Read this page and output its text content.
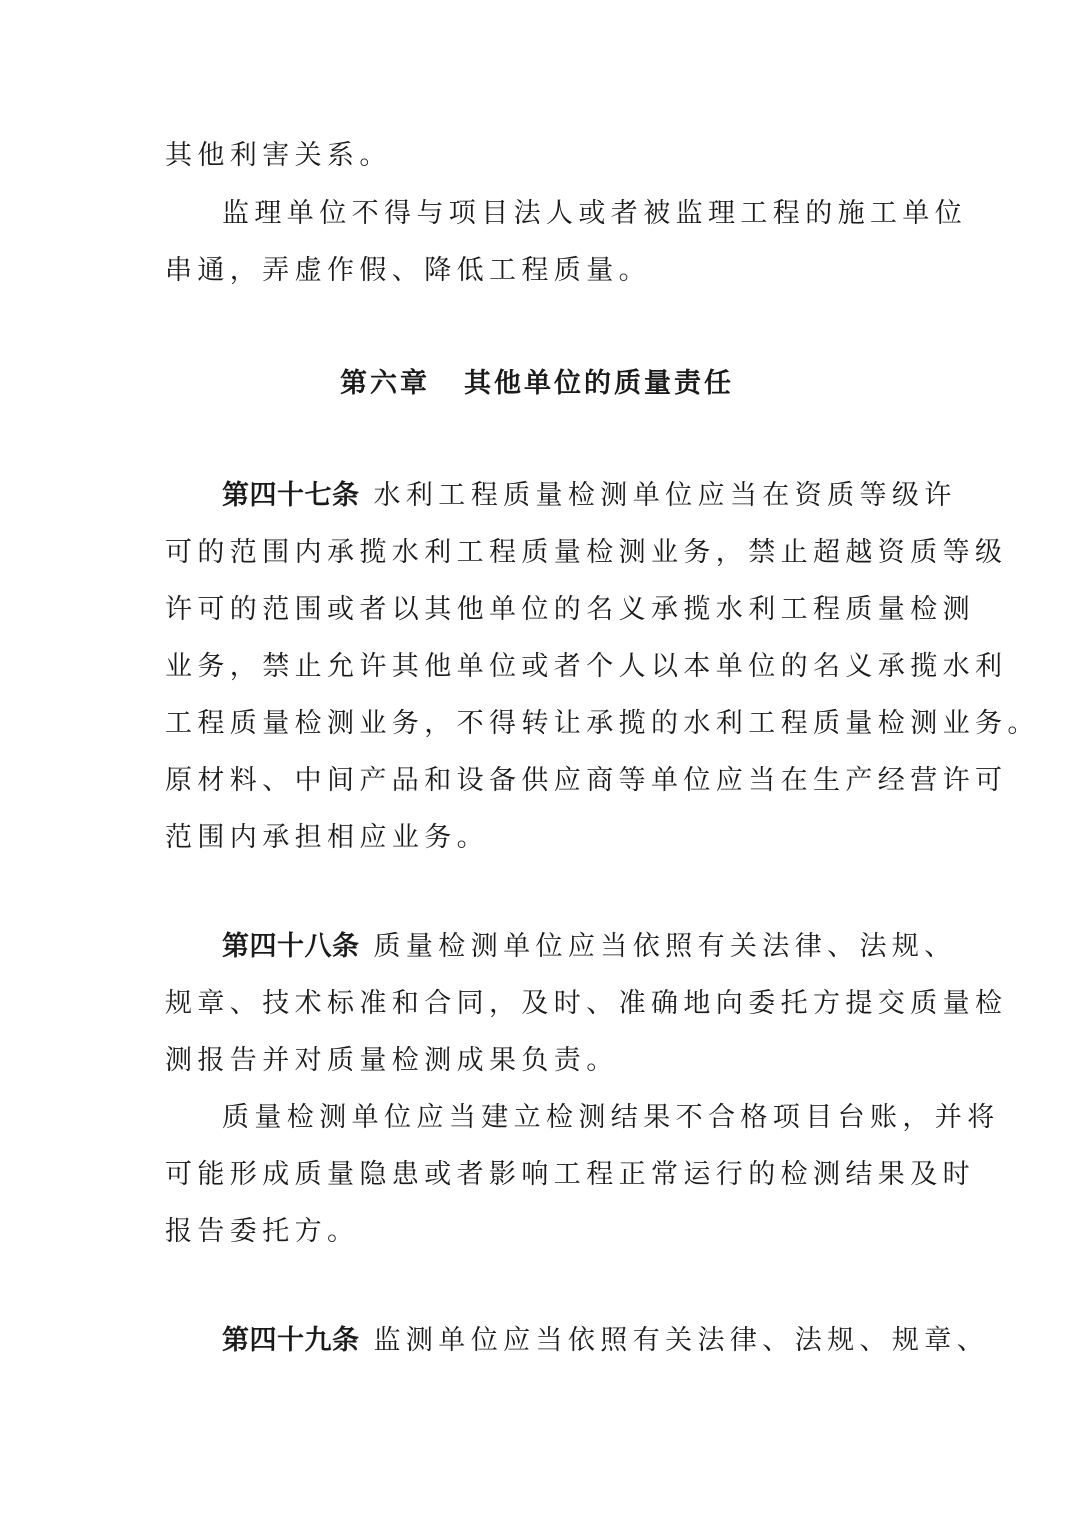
其他利害关系。
监理单位不得与项目法人或者被监理工程的施工单位
串通，弄虚作假、降低工程质量。
第六章 其他单位的质量责任
第四十七条 水利工程质量检测单位应当在资质等级许
可的范围内承揽水利工程质量检测业务，禁止超越资质等级
许可的范围或者以其他单位的名义承揽水利工程质量检测
业务，禁止允许其他单位或者个人以本单位的名义承揽水利
工程质量检测业务，不得转让承揽的水利工程质量检测业务。
原材料、中间产品和设备供应商等单位应当在生产经营许可
范围内承担相应业务。
第四十八条 质量检测单位应当依照有关法律、法规、
规章、技术标准和合同，及时、准确地向委托方提交质量检
测报告并对质量检测成果负责。
质量检测单位应当建立检测结果不合格项目台账，并将
可能形成质量隐患或者影响工程正常运行的检测结果及时
报告委托方。
第四十九条 监测单位应当依照有关法律、法规、规章、
